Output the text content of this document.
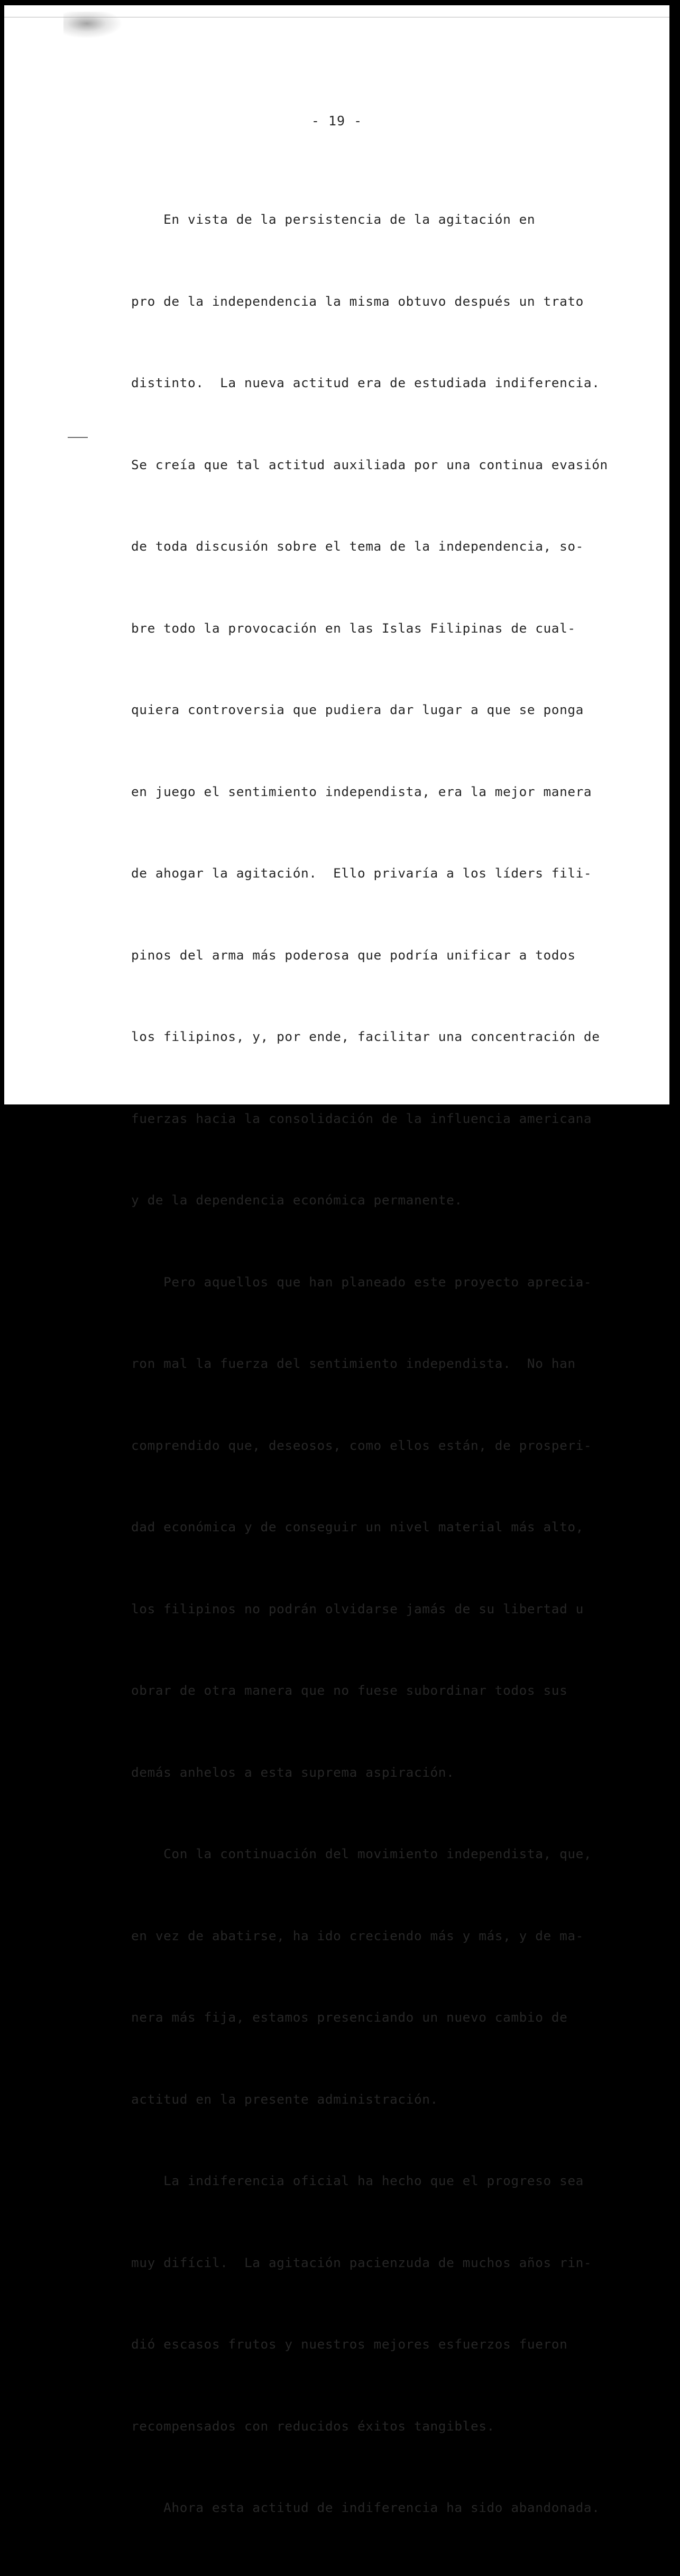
- 19 -

En vista de la persistencia de la agitación en

pro de la independencia la misma obtuvo después un trato

distinto.  La nueva actitud era de estudiada indiferencia.

Se creía que tal actitud auxiliada por una continua evasión

de toda discusión sobre el tema de la independencia, so-

bre todo la provocación en las Islas Filipinas de cual-

quiera controversia que pudiera dar lugar a que se ponga

en juego el sentimiento independista, era la mejor manera

de ahogar la agitación.  Ello privaría a los líders fili-

pinos del arma más poderosa que podría unificar a todos

los filipinos, y, por ende, facilitar una concentración de

fuerzas hacia la consolidación de la influencia americana

y de la dependencia económica permanente.

Pero aquellos que han planeado este proyecto aprecia-

ron mal la fuerza del sentimiento independista.  No han

comprendido que, deseosos, como ellos están, de prosperi-

dad económica y de conseguir un nivel material más alto,

los filipinos no podrán olvidarse jamás de su libertad u

obrar de otra manera que no fuese subordinar todos sus

demás anhelos a esta suprema aspiración.

Con la continuación del movimiento independista, que,

en vez de abatirse, ha ido creciendo más y más, y de ma-

nera más fija, estamos presenciando un nuevo cambio de

actitud en la presente administración.

La indiferencia oficial ha hecho que el progreso sea

muy difícil.  La agitación pacienzuda de muchos años rin-

dió escasos frutos y nuestros mejores esfuerzos fueron

recompensados con reducidos éxitos tangibles.

Ahora esta actitud de indiferencia ha sido abandonada.
